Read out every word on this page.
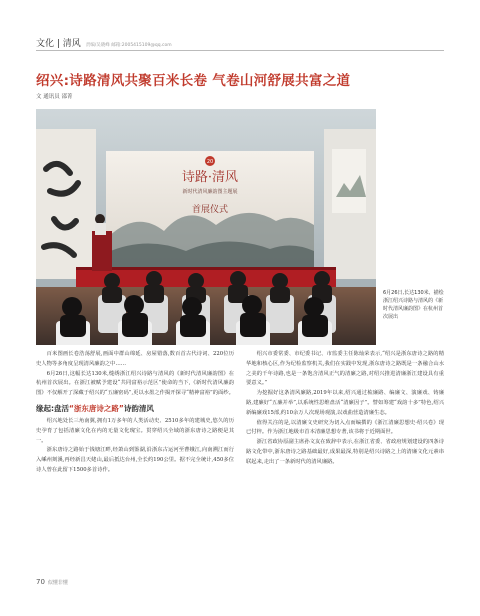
文化 | 清风 责编/吴晓峰 邮箱:2005415109@qq.com
绍兴:诗路清风共聚百米长卷 气卷山河舒展共富之道
文 通讯员 邵菁
20
诗路·清风
新时代清风廉韵图主题展
首展仪式
6月26日,长达130米、描绘浙江绍兴诗路与清风的《新时代清风廉韵图》在杭州首次展出

百米图画长卷浩荡舒展,画面中群山绵延、房屋错落,数百首古代诗词、220位历史人物等多角度呈现清风廉韵之中……

6月26日,这幅长达130米,缝绣浙江绍兴诗路与清风的《新时代清风廉韵图》在杭州首次展出。在浙江被赋予建设“共同富裕示范区”使命的当下,《新时代清风廉韵图》不仅解开了深藏于绍兴的“五廉密码”,更以水墨之作揭开探寻“精神富裕”的面纱。

缘起:盘活“浙东唐诗之路”诗韵清风

绍兴地处长三角南翼,拥有1万多年的人类活动史、2510多年的建城史,悠久的历史孕育了包括清廉文化在内的无量文化瑰宝。贯穿绍兴全域的浙东唐诗之路便是其一。

浙东唐诗之路始于钱塘江畔,经萧山到鉴湖,沿浙东古运河至曹娥江,向南溯江而行入嵊州剡溪,再经新昌天姥山,最后抵达台州,全长约190公里。据不完全统计,450多位诗人曾在此留下1500多首诗作。

绍兴市委常委、市纪委书记、市监委主任陈灿荣表示,“绍兴是浙东唐诗之路的精华地和核心区,作为纪检监察机关,我们在实践中发现,浙东唐诗之路既是一条融合山水之美的千年诗路,也是一条饱含清风正气的清廉之路,对绍兴推进清廉浙江建设具有重要意义。”

为挖掘好这条清风廉路,2019年以来,绍兴通过梳廉路、编廉文、演廉戏、铸廉路,建廉好“五廉并举”,以系统性思维盘活“清廉因子”。譬如筹建“戏韵十多”特色,绍兴新编廉戏15部,约10余万人次现场观演,以戏曲营造清廉生态。

值得关注的是,以清廉文史研究为切入点而编撰的《浙江清廉思想史·绍兴卷》现已付梓。作为浙江地级市首本清廉思想专著,该书将于近期面世。

浙江省政协原副主席孙文友在致辞中表示,在浙江省委、省政府规划建设的四条诗路文化带中,浙东唐诗之路基础最好,成果最深,特别是绍兴诗路之上的清廉文化元素串联起来,走出了一条新时代的清风廉路。

70 似懂非懂
